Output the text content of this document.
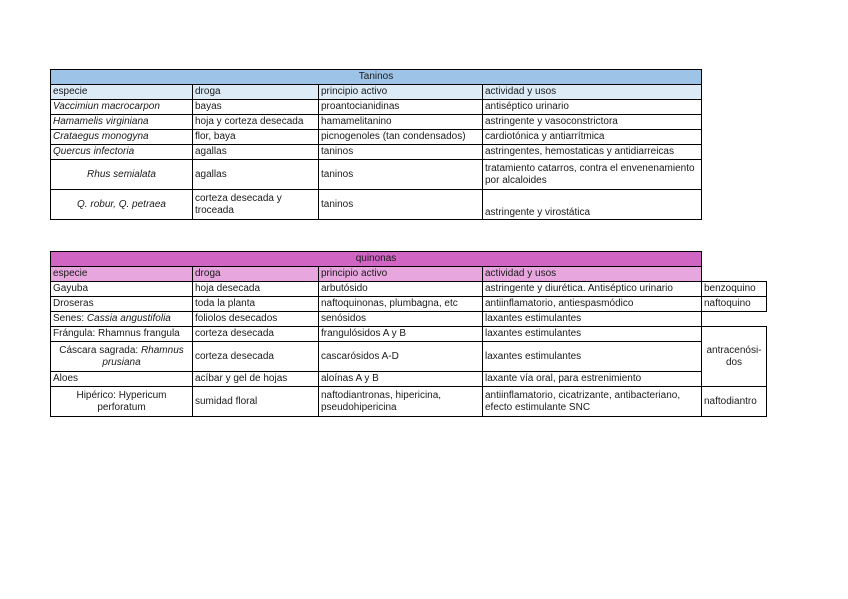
Taninos			
especie	droga	principio activo	actividad y usos
Vaccimiun macrocarpon	bayas	proantocianidinas	antiséptico urinario
Hamamelis virginiana	hoja y corteza desecada	hamamelitanino	astringente y vasoconstrictora
Crataegus monogyna	flor, baya	picnogenoles (tan condensados)	cardiotónica y antiarrítmica
Quercus infectoria	agallas	taninos	astringentes, hemostaticas y antidiarreicas
Rhus semialata	agallas	taninos	tratamiento catarros, contra el envenenamiento por alcaloides
Q. robur, Q. petraea	corteza desecada y troceada	taninos	astringente y virostática
quinonas				
especie	droga	principio activo	actividad y usos	
Gayuba	hoja desecada	arbutósido	astringente y diurética. Antiséptico urinario	benzoquino
Droseras	toda la planta	naftoquinonas, plumbagna, etc	antiinflamatorio, antiespasmódico	naftoquino
Senes: Cassia angustifolia	foliolos desecados	senósidos	laxantes estimulantes	
Frángula: Rhamnus frangula	corteza desecada	frangulósidos A y B	laxantes estimulantes	antracenósi-dos
Cáscara sagrada: Rhamnus prusiana	corteza desecada	cascarósidos A-D	laxantes estimulantes	
Aloes	acíbar y gel de hojas	aloínas A y B	laxante vía oral, para estrenimiento	
Hipérico: Hypericum perforatum	sumidad floral	naftodiantronas, hipericina, pseudohipericina	antiinflamatorio, cicatrizante, antibacteriano, efecto estimulante SNC	naftodiantro
